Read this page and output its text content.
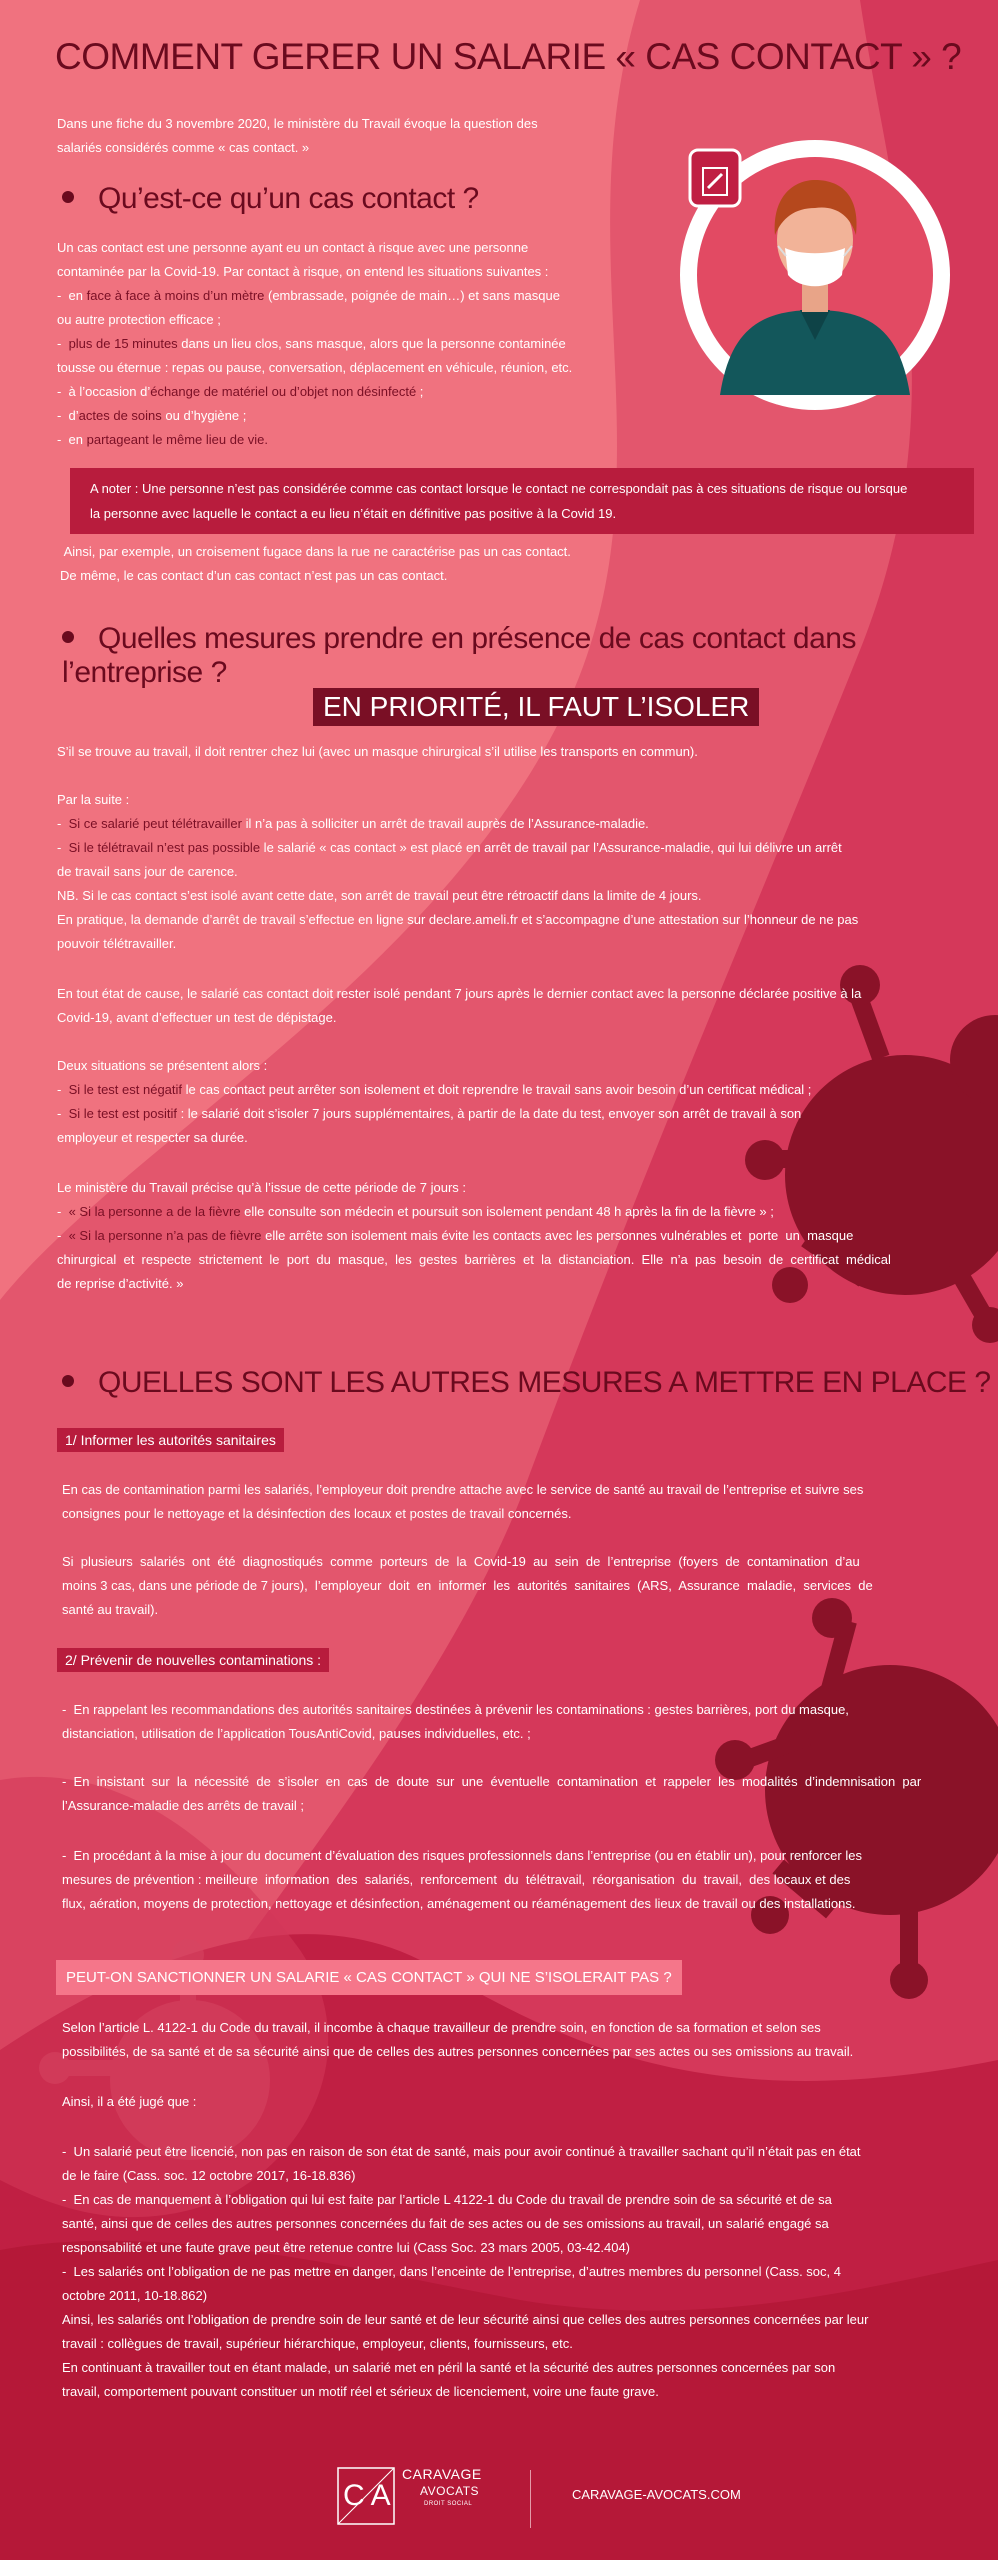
COMMENT GERER UN SALARIE « CAS CONTACT » ?

Dans une fiche du 3 novembre 2020, le ministère du Travail évoque la question des
salariés considérés comme « cas contact. »

Qu’est-ce qu’un cas contact ?

Un cas contact est une personne ayant eu un contact à risque avec une personne
contaminée par la Covid-19. Par contact à risque, on entend les situations suivantes :

-  en face à face à moins d’un mètre (embrassade, poignée de main…) et sans masque
ou autre protection efficace ;

-  plus de 15 minutes dans un lieu clos, sans masque, alors que la personne contaminée
tousse ou éternue : repas ou pause, conversation, déplacement en véhicule, réunion, etc.

-  à l’occasion d’échange de matériel ou d’objet non désinfecté ;

-  d’actes de soins ou d’hygiène ;

-  en partageant le même lieu de vie.

A noter : Une personne n’est pas considérée comme cas contact lorsque le contact ne correspondait pas à ces situations de risque ou lorsque
la personne avec laquelle le contact a eu lieu n’était en définitive pas positive à la Covid 19.

Ainsi, par exemple, un croisement fugace dans la rue ne caractérise pas un cas contact.
De même, le cas contact d’un cas contact n’est pas un cas contact.

Quelles mesures prendre en présence de cas contact dans l’entreprise ?
EN PRIORITÉ, IL FAUT L’ISOLER

S’il se trouve au travail, il doit rentrer chez lui (avec un masque chirurgical s’il utilise les transports en commun).

Par la suite :

-  Si ce salarié peut télétravailler il n’a pas à solliciter un arrêt de travail auprès de l’Assurance-maladie.
-  Si le télétravail n’est pas possible le salarié « cas contact » est placé en arrêt de travail par l’Assurance-maladie, qui lui délivre un arrêt
de travail sans jour de carence.

NB. Si le cas contact s’est isolé avant cette date, son arrêt de travail peut être rétroactif dans la limite de 4 jours.
En pratique, la demande d’arrêt de travail s’effectue en ligne sur declare.ameli.fr et s’accompagne d’une attestation sur l’honneur de ne pas
pouvoir télétravailler.

En tout état de cause, le salarié cas contact doit rester isolé pendant 7 jours après le dernier contact avec la personne déclarée positive à la
Covid-19, avant d’effectuer un test de dépistage.

Deux situations se présentent alors :

-  Si le test est négatif le cas contact peut arrêter son isolement et doit reprendre le travail sans avoir besoin d’un certificat médical ;
-  Si le test est positif : le salarié doit s’isoler 7 jours supplémentaires, à partir de la date du test, envoyer son arrêt de travail à son
employeur et respecter sa durée.

Le ministère du Travail précise qu’à l’issue de cette période de 7 jours :

-  « Si la personne a de la fièvre elle consulte son médecin et poursuit son isolement pendant 48 h après la fin de la fièvre » ;
-  « Si la personne n’a pas de fièvre elle arrête son isolement mais évite les contacts avec les personnes vulnérables et  porte  un  masque
chirurgical  et  respecte  strictement  le  port  du  masque,  les  gestes  barrières  et  la  distanciation.  Elle  n’a  pas  besoin  de  certificat  médical
de reprise d’activité. »

QUELLES SONT LES AUTRES MESURES A METTRE EN PLACE ?
1/ Informer les autorités sanitaires

En cas de contamination parmi les salariés, l’employeur doit prendre attache avec le service de santé au travail de l’entreprise et suivre ses
consignes pour le nettoyage et la désinfection des locaux et postes de travail concernés.

Si  plusieurs  salariés  ont  été  diagnostiqués  comme  porteurs  de  la  Covid-19  au  sein  de  l’entreprise  (foyers  de  contamination  d’au
moins 3 cas, dans une période de 7 jours),  l’employeur  doit  en  informer  les  autorités  sanitaires  (ARS,  Assurance  maladie,  services  de
santé au travail).

2/ Prévenir de nouvelles contaminations :

-  En rappelant les recommandations des autorités sanitaires destinées à prévenir les contaminations : gestes barrières, port du masque,
distanciation, utilisation de l’application TousAntiCovid, pauses individuelles, etc. ;

-  En  insistant  sur  la  nécessité  de  s’isoler  en  cas  de  doute  sur  une  éventuelle  contamination  et  rappeler  les  modalités  d’indemnisation  par
l’Assurance-maladie des arrêts de travail ;

-  En procédant à la mise à jour du document d’évaluation des risques professionnels dans l’entreprise (ou en établir un), pour renforcer les
mesures de prévention : meilleure  information  des  salariés,  renforcement  du  télétravail,  réorganisation  du  travail,  des locaux et des
flux, aération, moyens de protection, nettoyage et désinfection, aménagement ou réaménagement des lieux de travail ou des installations.

PEUT-ON SANCTIONNER UN SALARIE « CAS CONTACT » QUI NE S’ISOLERAIT PAS ?

Selon l’article L. 4122-1 du Code du travail, il incombe à chaque travailleur de prendre soin, en fonction de sa formation et selon ses
possibilités, de sa santé et de sa sécurité ainsi que de celles des autres personnes concernées par ses actes ou ses omissions au travail.

Ainsi, il a été jugé que :

-  Un salarié peut être licencié, non pas en raison de son état de santé, mais pour avoir continué à travailler sachant qu’il n’était pas en état
de le faire (Cass. soc. 12 octobre 2017, 16-18.836)
-  En cas de manquement à l’obligation qui lui est faite par l’article L 4122-1 du Code du travail de prendre soin de sa sécurité et de sa
santé, ainsi que de celles des autres personnes concernées du fait de ses actes ou de ses omissions au travail, un salarié engagé sa
responsabilité et une faute grave peut être retenue contre lui (Cass Soc. 23 mars 2005, 03-42.404)
-  Les salariés ont l’obligation de ne pas mettre en danger, dans l’enceinte de l’entreprise, d’autres membres du personnel (Cass. soc, 4
octobre 2011, 10-18.862)
Ainsi, les salariés ont l’obligation de prendre soin de leur santé et de leur sécurité ainsi que celles des autres personnes concernées par leur
travail : collègues de travail, supérieur hiérarchique, employeur, clients, fournisseurs, etc.
En continuant à travailler tout en étant malade, un salarié met en péril la santé et la sécurité des autres personnes concernées par son
travail, comportement pouvant constituer un motif réel et sérieux de licenciement, voire une faute grave.

CA
CARAVAGE
AVOCATS
DROIT SOCIAL
CARAVAGE-AVOCATS.COM
